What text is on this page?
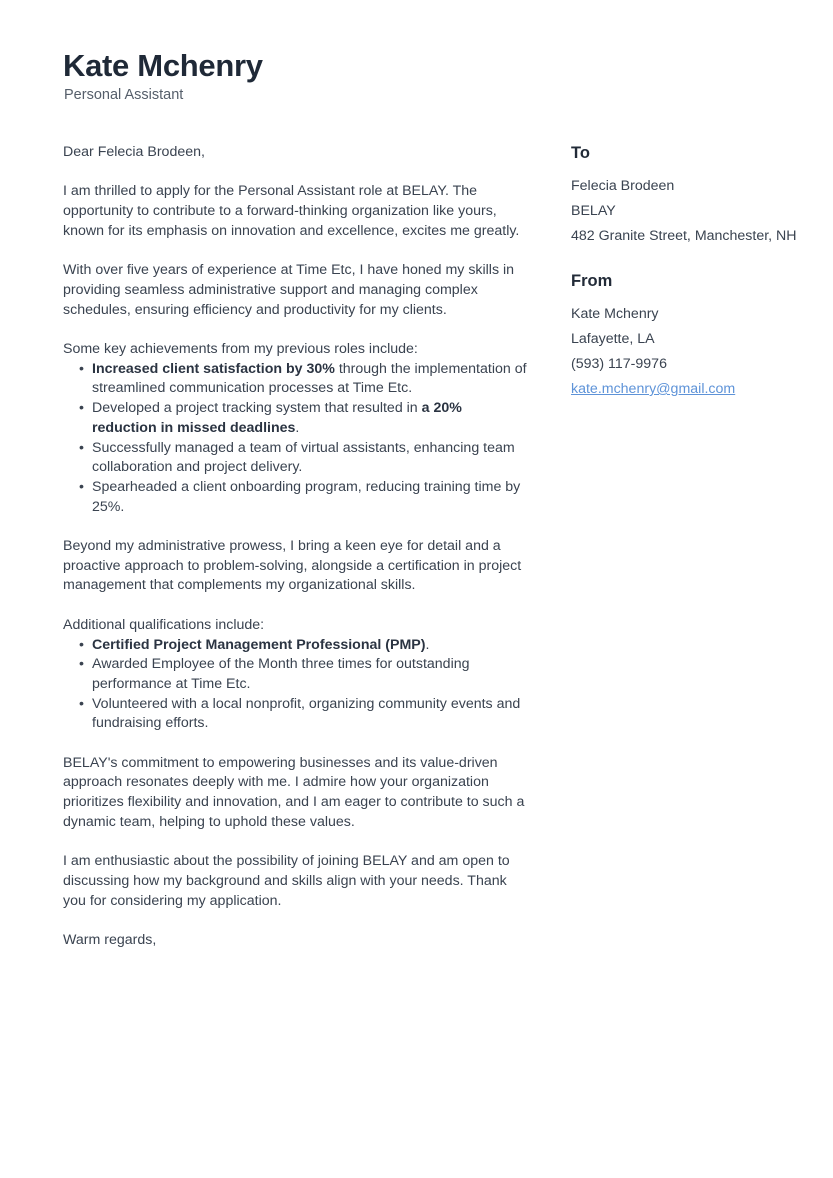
Kate Mchenry
Personal Assistant

Dear Felecia Brodeen,

I am thrilled to apply for the Personal Assistant role at BELAY. The opportunity to contribute to a forward-thinking organization like yours, known for its emphasis on innovation and excellence, excites me greatly.

With over five years of experience at Time Etc, I have honed my skills in providing seamless administrative support and managing complex schedules, ensuring efficiency and productivity for my clients.

Some key achievements from my previous roles include:

• Increased client satisfaction by 30% through the implementation of streamlined communication processes at Time Etc.
• Developed a project tracking system that resulted in a 20% reduction in missed deadlines.
• Successfully managed a team of virtual assistants, enhancing team collaboration and project delivery.
• Spearheaded a client onboarding program, reducing training time by 25%.

Beyond my administrative prowess, I bring a keen eye for detail and a proactive approach to problem-solving, alongside a certification in project management that complements my organizational skills.

Additional qualifications include:

• Certified Project Management Professional (PMP).
• Awarded Employee of the Month three times for outstanding performance at Time Etc.
• Volunteered with a local nonprofit, organizing community events and fundraising efforts.

BELAY's commitment to empowering businesses and its value-driven approach resonates deeply with me. I admire how your organization prioritizes flexibility and innovation, and I am eager to contribute to such a dynamic team, helping to uphold these values.

I am enthusiastic about the possibility of joining BELAY and am open to discussing how my background and skills align with your needs. Thank you for considering my application.

Warm regards,

To
Felecia Brodeen
BELAY
482 Granite Street, Manchester, NH
From
Kate Mchenry
Lafayette, LA
(593) 117-9976
kate.mchenry@gmail.com
